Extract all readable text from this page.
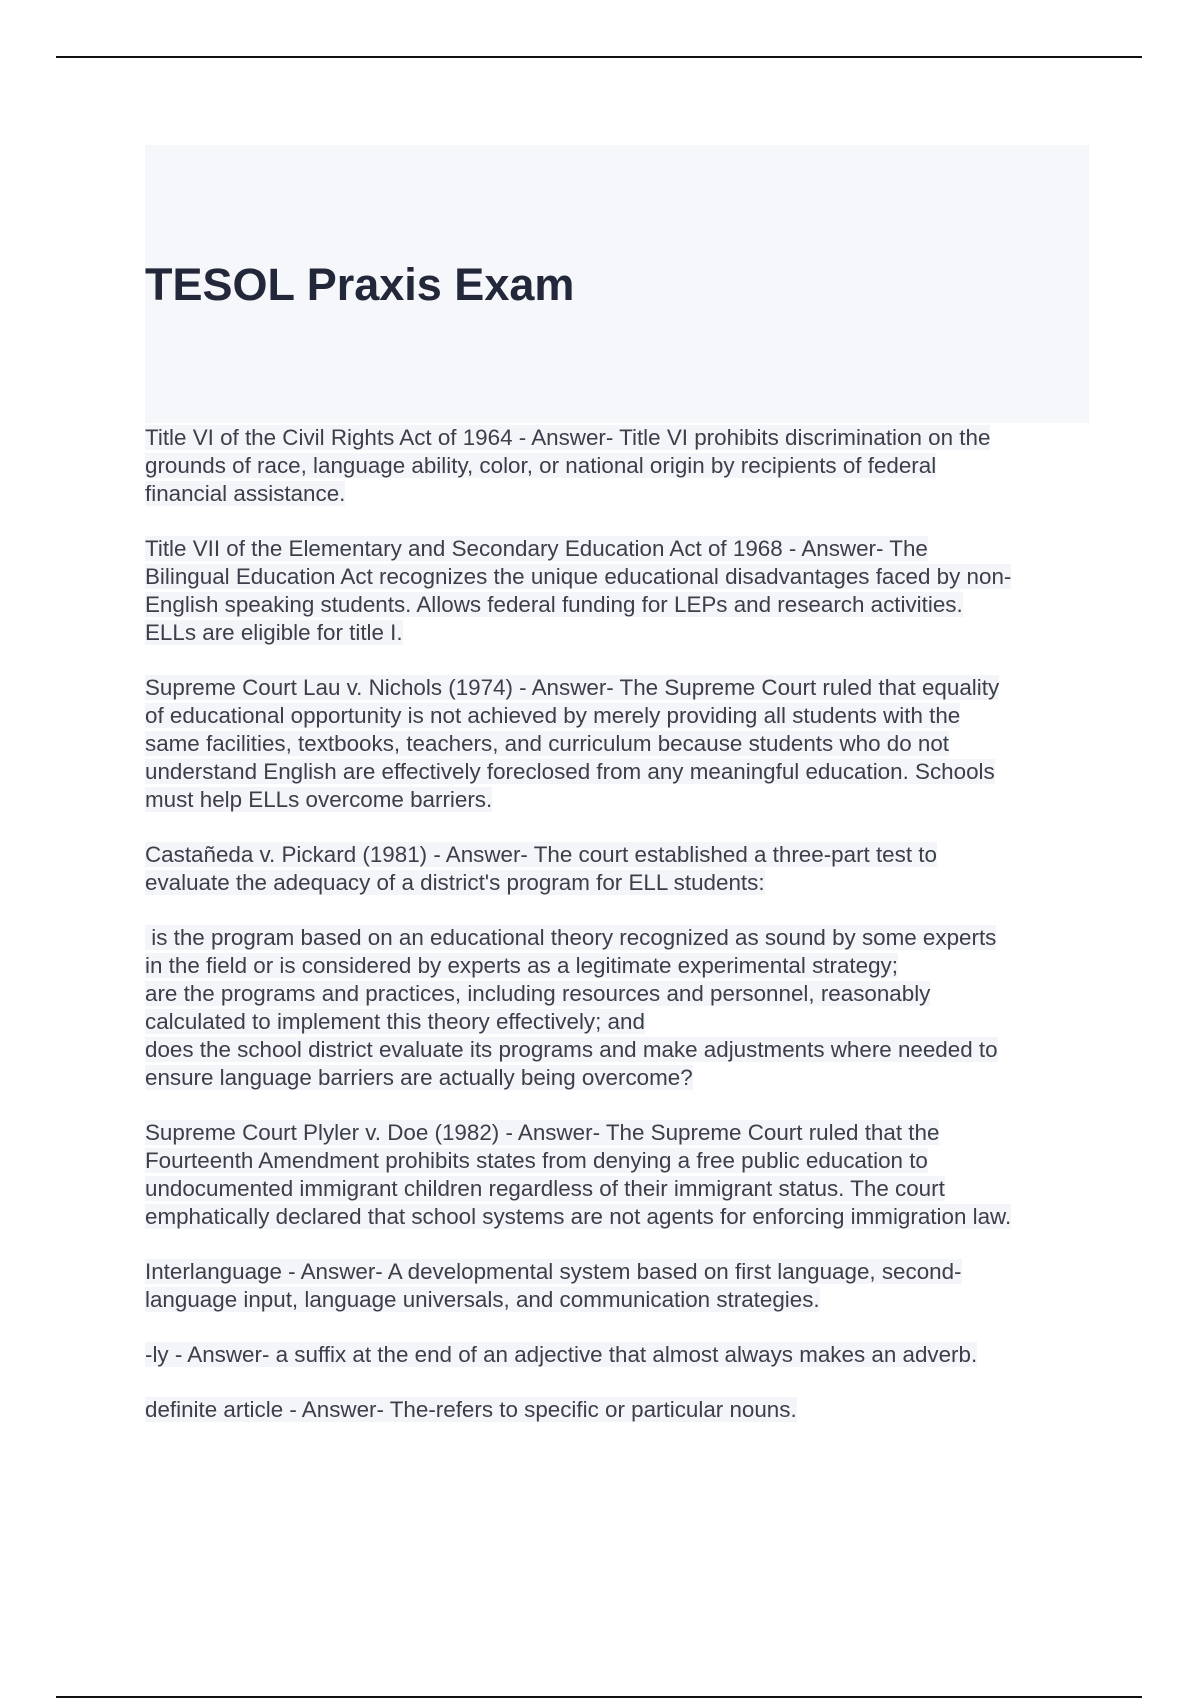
TESOL Praxis Exam

Title VI of the Civil Rights Act of 1964 - Answer- Title VI prohibits discrimination on the
grounds of race, language ability, color, or national origin by recipients of federal
financial assistance.

Title VII of the Elementary and Secondary Education Act of 1968 - Answer- The
Bilingual Education Act recognizes the unique educational disadvantages faced by non-
English speaking students. Allows federal funding for LEPs and research activities.
ELLs are eligible for title I.

Supreme Court Lau v. Nichols (1974) - Answer- The Supreme Court ruled that equality
of educational opportunity is not achieved by merely providing all students with the
same facilities, textbooks, teachers, and curriculum because students who do not
understand English are effectively foreclosed from any meaningful education. Schools
must help ELLs overcome barriers.

Castañeda v. Pickard (1981) - Answer- The court established a three-part test to
evaluate the adequacy of a district's program for ELL students:

is the program based on an educational theory recognized as sound by some experts
in the field or is considered by experts as a legitimate experimental strategy;
are the programs and practices, including resources and personnel, reasonably
calculated to implement this theory effectively; and
does the school district evaluate its programs and make adjustments where needed to
ensure language barriers are actually being overcome?

Supreme Court Plyler v. Doe (1982) - Answer- The Supreme Court ruled that the
Fourteenth Amendment prohibits states from denying a free public education to
undocumented immigrant children regardless of their immigrant status. The court
emphatically declared that school systems are not agents for enforcing immigration law.

Interlanguage - Answer- A developmental system based on first language, second-
language input, language universals, and communication strategies.

-ly - Answer- a suffix at the end of an adjective that almost always makes an adverb.

definite article - Answer- The-refers to specific or particular nouns.
